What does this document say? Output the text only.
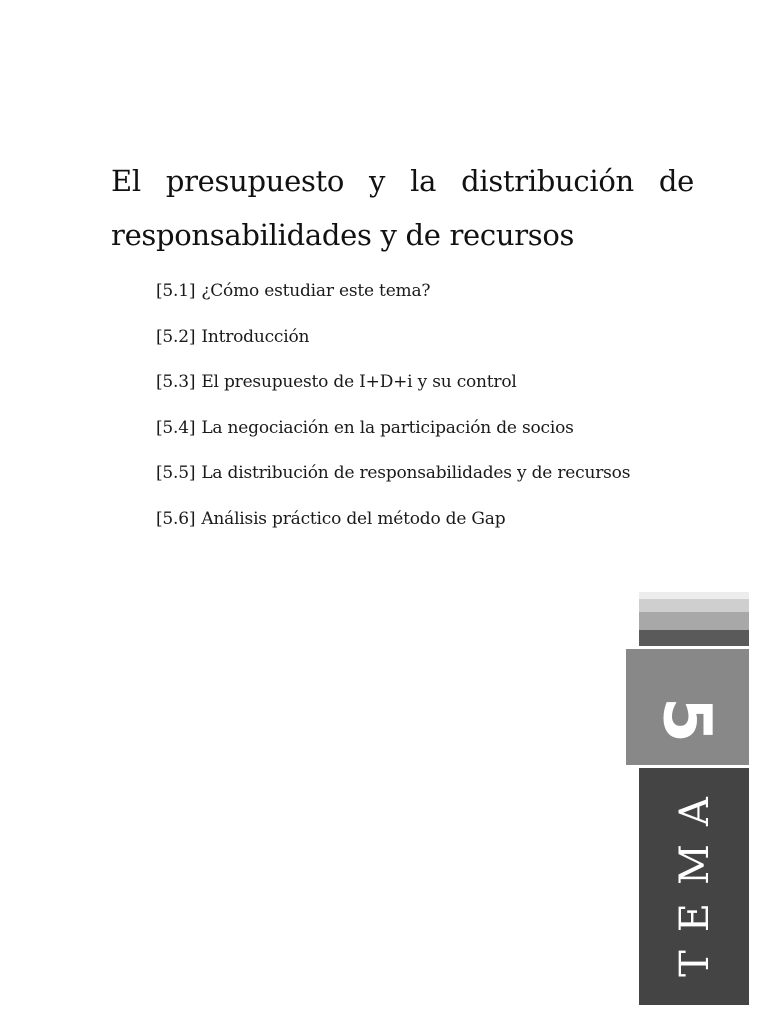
El presupuesto y la distribución de responsabilidades y de recursos
[5.1] ¿Cómo estudiar este tema?
[5.2] Introducción
[5.3] El presupuesto de I+D+i y su control
[5.4] La negociación en la participación de socios
[5.5] La distribución de responsabilidades y de recursos
[5.6] Análisis práctico del método de Gap
5
TEMA
